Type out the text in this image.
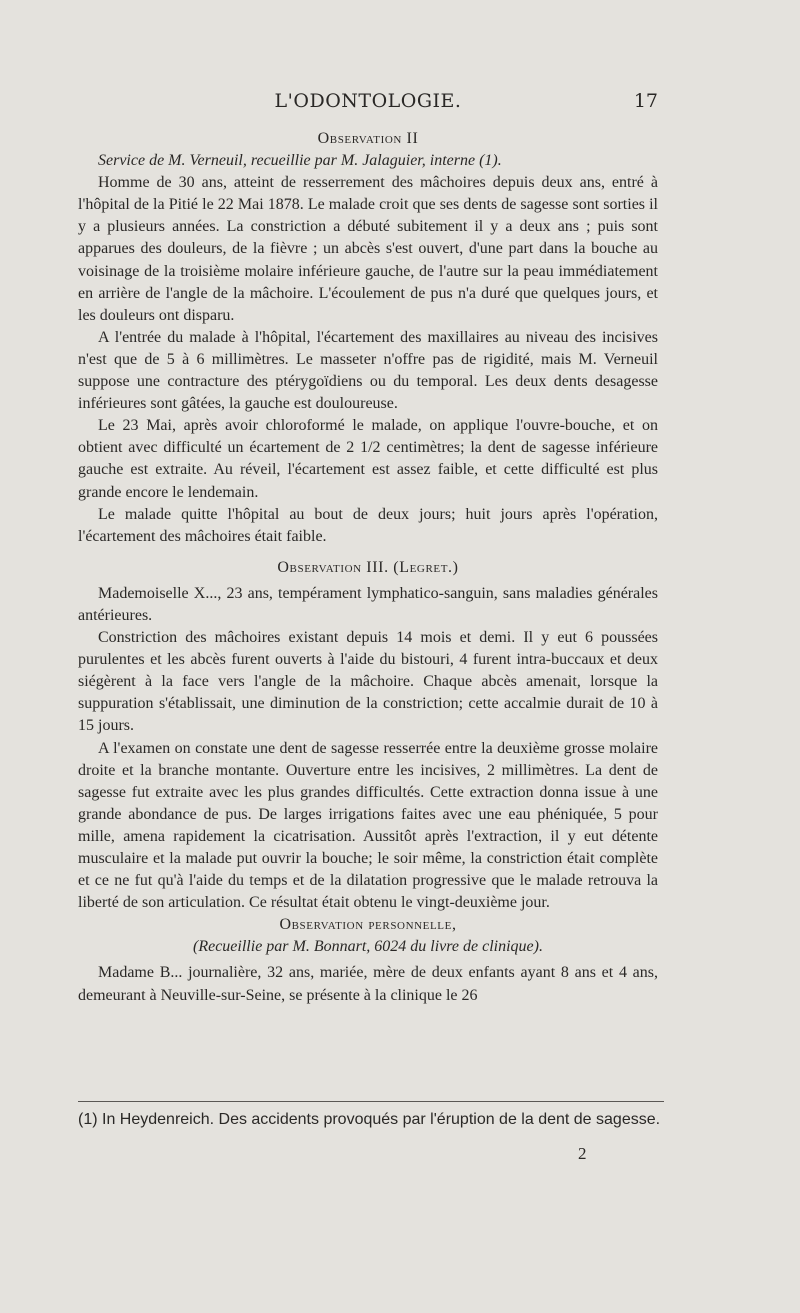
L'ODONTOLOGIE.	17
Observation II

Service de M. Verneuil, recueillie par M. Jalaguier, interne (1).

Homme de 30 ans, atteint de resserrement des mâchoires depuis deux ans, entré à l'hôpital de la Pitié le 22 Mai 1878. Le malade croit que ses dents de sagesse sont sorties il y a plusieurs années. La constriction a débuté subitement il y a deux ans ; puis sont apparues des douleurs, de la fièvre ; un abcès s'est ouvert, d'une part dans la bouche au voisinage de la troisième molaire inférieure gauche, de l'autre sur la peau immédiatement en arrière de l'angle de la mâchoire. L'écoulement de pus n'a duré que quelques jours, et les douleurs ont disparu.

A l'entrée du malade à l'hôpital, l'écartement des maxillaires au niveau des incisives n'est que de 5 à 6 millimètres. Le masseter n'offre pas de rigidité, mais M. Verneuil suppose une contracture des ptérygoïdiens ou du temporal. Les deux dents desagesse inférieures sont gâtées, la gauche est douloureuse.

Le 23 Mai, après avoir chloroformé le malade, on applique l'ouvre-bouche, et on obtient avec difficulté un écartement de 2 1/2 centimètres; la dent de sagesse inférieure gauche est extraite. Au réveil, l'écartement est assez faible, et cette difficulté est plus grande encore le lendemain.

Le malade quitte l'hôpital au bout de deux jours; huit jours après l'opération, l'écartement des mâchoires était faible.

Observation III. (Legret.)

Mademoiselle X..., 23 ans, tempérament lymphatico-sanguin, sans maladies générales antérieures.

Constriction des mâchoires existant depuis 14 mois et demi. Il y eut 6 poussées purulentes et les abcès furent ouverts à l'aide du bistouri, 4 furent intra-buccaux et deux siégèrent à la face vers l'angle de la mâchoire. Chaque abcès amenait, lorsque la suppuration s'établissait, une diminution de la constriction; cette accalmie durait de 10 à 15 jours.

A l'examen on constate une dent de sagesse resserrée entre la deuxième grosse molaire droite et la branche montante. Ouverture entre les incisives, 2 millimètres. La dent de sagesse fut extraite avec les plus grandes difficultés. Cette extraction donna issue à une grande abondance de pus. De larges irrigations faites avec une eau phéniquée, 5 pour mille, amena rapidement la cicatrisation. Aussitôt après l'extraction, il y eut détente musculaire et la malade put ouvrir la bouche; le soir même, la constriction était complète et ce ne fut qu'à l'aide du temps et de la dilatation progressive que le malade retrouva la liberté de son articulation. Ce résultat était obtenu le vingt-deuxième jour.

Observation personnelle,
(Recueillie par M. Bonnart, 6024 du livre de clinique).

Madame B... journalière, 32 ans, mariée, mère de deux enfants ayant 8 ans et 4 ans, demeurant à Neuville-sur-Seine, se présente à la clinique le 26

(1) In Heydenreich. Des accidents provoqués par l'éruption de la dent de sagesse.
2
